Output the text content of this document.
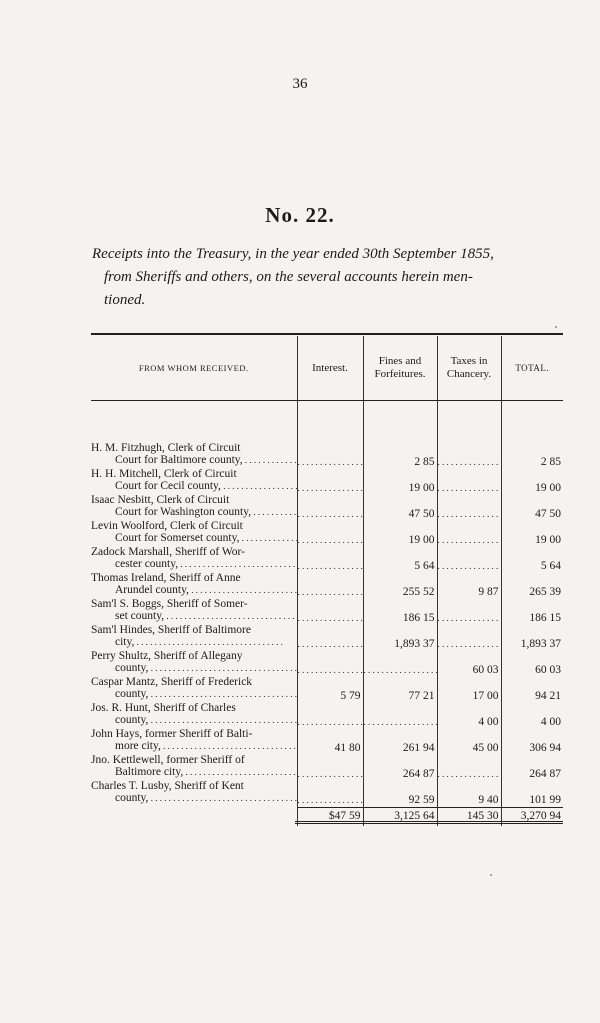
36
No. 22.
Receipts into the Treasury, in the year ended 30th September 1855,
from Sheriffs and others, on the several accounts herein men-
tioned.
FROM WHOM RECEIVED.	Interest.	Fines and
Forfeitures.	Taxes in
Chancery.	TOTAL.

H. M. Fitzhugh, Clerk of Circuit
Court for Baltimore county, . . .
	. . .	2 85	. . .	2 85

H. H. Mitchell, Clerk of Circuit
Court for Cecil county, . . .
	. . .	19 00	. . .	19 00

Isaac Nesbitt, Clerk of Circuit
Court for Washington county, . . .
	. . .	47 50	. . .	47 50

Levin Woolford, Clerk of Circuit
Court for Somerset county, . . .
	. . .	19 00	. . .	19 00

Zadock Marshall, Sheriff of Wor-
cester county, . . .
	. . .	5 64	. . .	5 64

Thomas Ireland, Sheriff of Anne
Arundel county, . . .
	. . .	255 52	9 87	265 39

Sam'l S. Boggs, Sheriff of Somer-
set county, . . .
	. . .	186 15	. . .	186 15

Sam'l Hindes, Sheriff of Baltimore
city, . . .
	. . .	1,893 37	. . .	1,893 37

Perry Shultz, Sheriff of Allegany
county, . . .
	. . .	. . .	60 03	60 03

Caspar Mantz, Sheriff of Frederick
county, . . .	5 79	77 21	17 00	94 21

Jos. R. Hunt, Sheriff of Charles
county, . . .
	. . .	. . .	4 00	4 00

John Hays, former Sheriff of Balti-
more city, . . .	41 80	261 94	45 00	306 94

Jno. Kettlewell, former Sheriff of
Baltimore city, . . .
	. . .	264 87	. . .	264 87

Charles T. Lusby, Sheriff of Kent
county, . . .
	. . .	92 59	9 40	101 99
	$47 59	3,125 64	145 30	3,270 94
